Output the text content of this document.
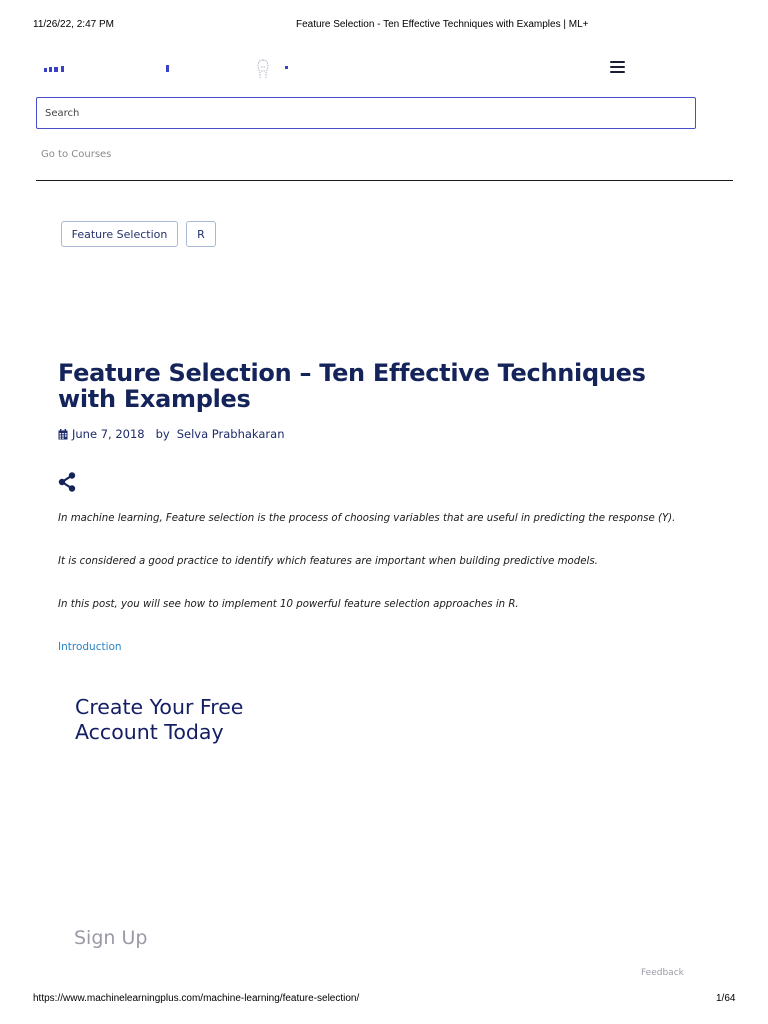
11/26/22, 2:47 PM	Feature Selection - Ten Effective Techniques with Examples | ML+
Search
Go to Courses
Feature Selection	R
Feature Selection – Ten Effective Techniques with Examples
June 7, 2018 by Selva Prabhakaran

In machine learning, Feature selection is the process of choosing variables that are useful in predicting the response (Y).

It is considered a good practice to identify which features are important when building predictive models.

In this post, you will see how to implement 10 powerful feature selection approaches in R.

Introduction
Create Your Free Account Today
Sign Up
Feedback
https://www.machinelearningplus.com/machine-learning/feature-selection/	1/64
